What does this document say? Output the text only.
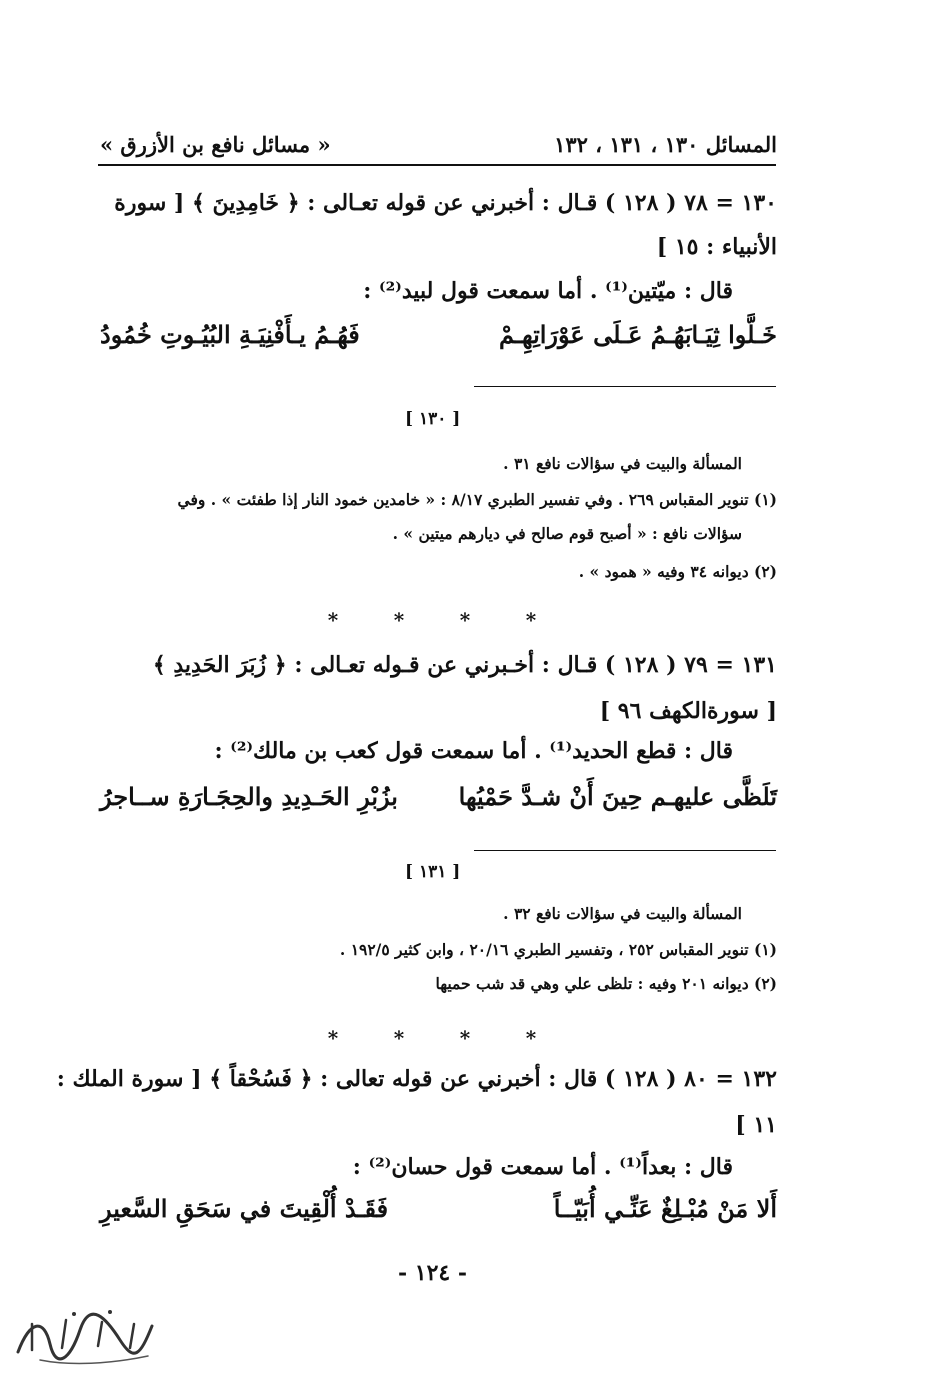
المسائل ١٣٠ ، ١٣١ ، ١٣٢
« مسائل نافع بن الأزرق »
١٣٠ = ٧٨ ( ١٢٨ ) قـال : أخبرني عن قوله تعـالى : ﴿ خَامِدِينَ ﴾ [ سورة
الأنبياء : ١٥ ]
قال : ميّتين⁽¹⁾ . أما سمعت قول لبيد⁽²⁾ :
خَـلَّوا ثِيَـابَهُـمُ عَـلَى عَوْرَاتِهِـمْ
فَهُـمُ يـأَفْنِيَـةِ البُيُـوتِ خُمُودُ
[ ١٣٠ ]
المسألة والبيت في سؤالات نافع ٣١ .
(١) تنوير المقباس ٢٦٩ . وفي تفسير الطبري ٨/١٧ : « خامدين خمود النار إذا طفئت » . وفي
سؤالات نافع : « أصبح قوم صالح في ديارهم ميتين » .
(٢) ديوانه ٣٤ وفيه « همود » .
*	*	*	*
١٣١ = ٧٩ ( ١٢٨ ) قـال : أخـبرني عن قـوله تعـالى : ﴿ زُبَرَ الحَدِيدِ ﴾
[ سورةالكهف ٩٦ ]
قال : قطع الحديد⁽¹⁾ . أما سمعت قول كعب بن مالك⁽²⁾ :
تَلَظَّى عليهـم حِينَ أَنْ شـدَّ حَمْيُها
بزُبْرِ الحَـدِيدِ والحِجَـارَةِ ســاجرُ
[ ١٣١ ]
المسألة والبيت في سؤالات نافع ٣٢ .
(١) تنوير المقباس ٢٥٢ ، وتفسير الطبري ٢٠/١٦ ، وابن كثير ١٩٢/٥ .
(٢) ديوانه ٢٠١ وفيه : تلظى علي وهي قد شب حميها
*	*	*	*
١٣٢ = ٨٠ ( ١٢٨ ) قال : أخبرني عن قوله تعالى : ﴿ فَسُحْقاً ﴾ [ سورة الملك :
١١ ]
قال : بعداً⁽¹⁾ . أما سمعت قول حسان⁽²⁾ :
أَلا مَنْ مُبْـلِغٌ عَنِّـي أُبَيّــاً
فَقَـدْ أُلْقِيتَ في سَحَقِ السَّعيرِ
- ١٢٤ -
